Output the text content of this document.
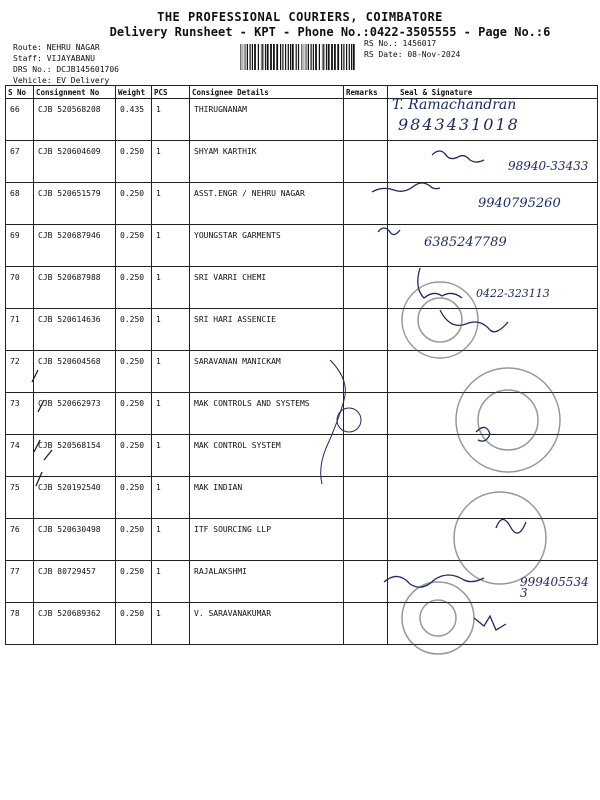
THE PROFESSIONAL COURIERS, COIMBATORE
Delivery Runsheet - KPT - Phone No.:0422-3505555 - Page No.:6
Route: NEHRU NAGAR
Staff: VIJAYABANU
DRS No.: DCJB145601706
Vehicle: EV Delivery
RS No.: 1456017
RS Date: 08-Nov-2024
S No	Consignment No	Weight	PCS	Consignee Details	Remarks	Seal & Signature

66	CJB 520568208	0.435	1	THIRUGNANAM		

67	CJB 520604609	0.250	1	SHYAM KARTHIK		

68	CJB 520651579	0.250	1	ASST.ENGR / NEHRU NAGAR		

69	CJB 520687946	0.250	1	YOUNGSTAR GARMENTS		

70	CJB 520687988	0.250	1	SRI VARRI CHEMI		

71	CJB 520614636	0.250	1	SRI HARI ASSENCIE		

72	CJB 520604568	0.250	1	SARAVANAN MANICKAM		

73	CJB 520662973	0.250	1	MAK CONTROLS AND SYSTEMS		

74	CJB 520568154	0.250	1	MAK CONTROL SYSTEM		

75	CJB 520192540	0.250	1	MAK INDIAN		

76	CJB 520630498	0.250	1	ITF SOURCING LLP		

77	CJB 80729457	0.250	1	RAJALAKSHMI		

78	CJB 520689362	0.250	1	V. SARAVANAKUMAR		

T. Ramachandran
9843431018
98940-33433
9940795260
6385247789
0422-323113
9994055343
